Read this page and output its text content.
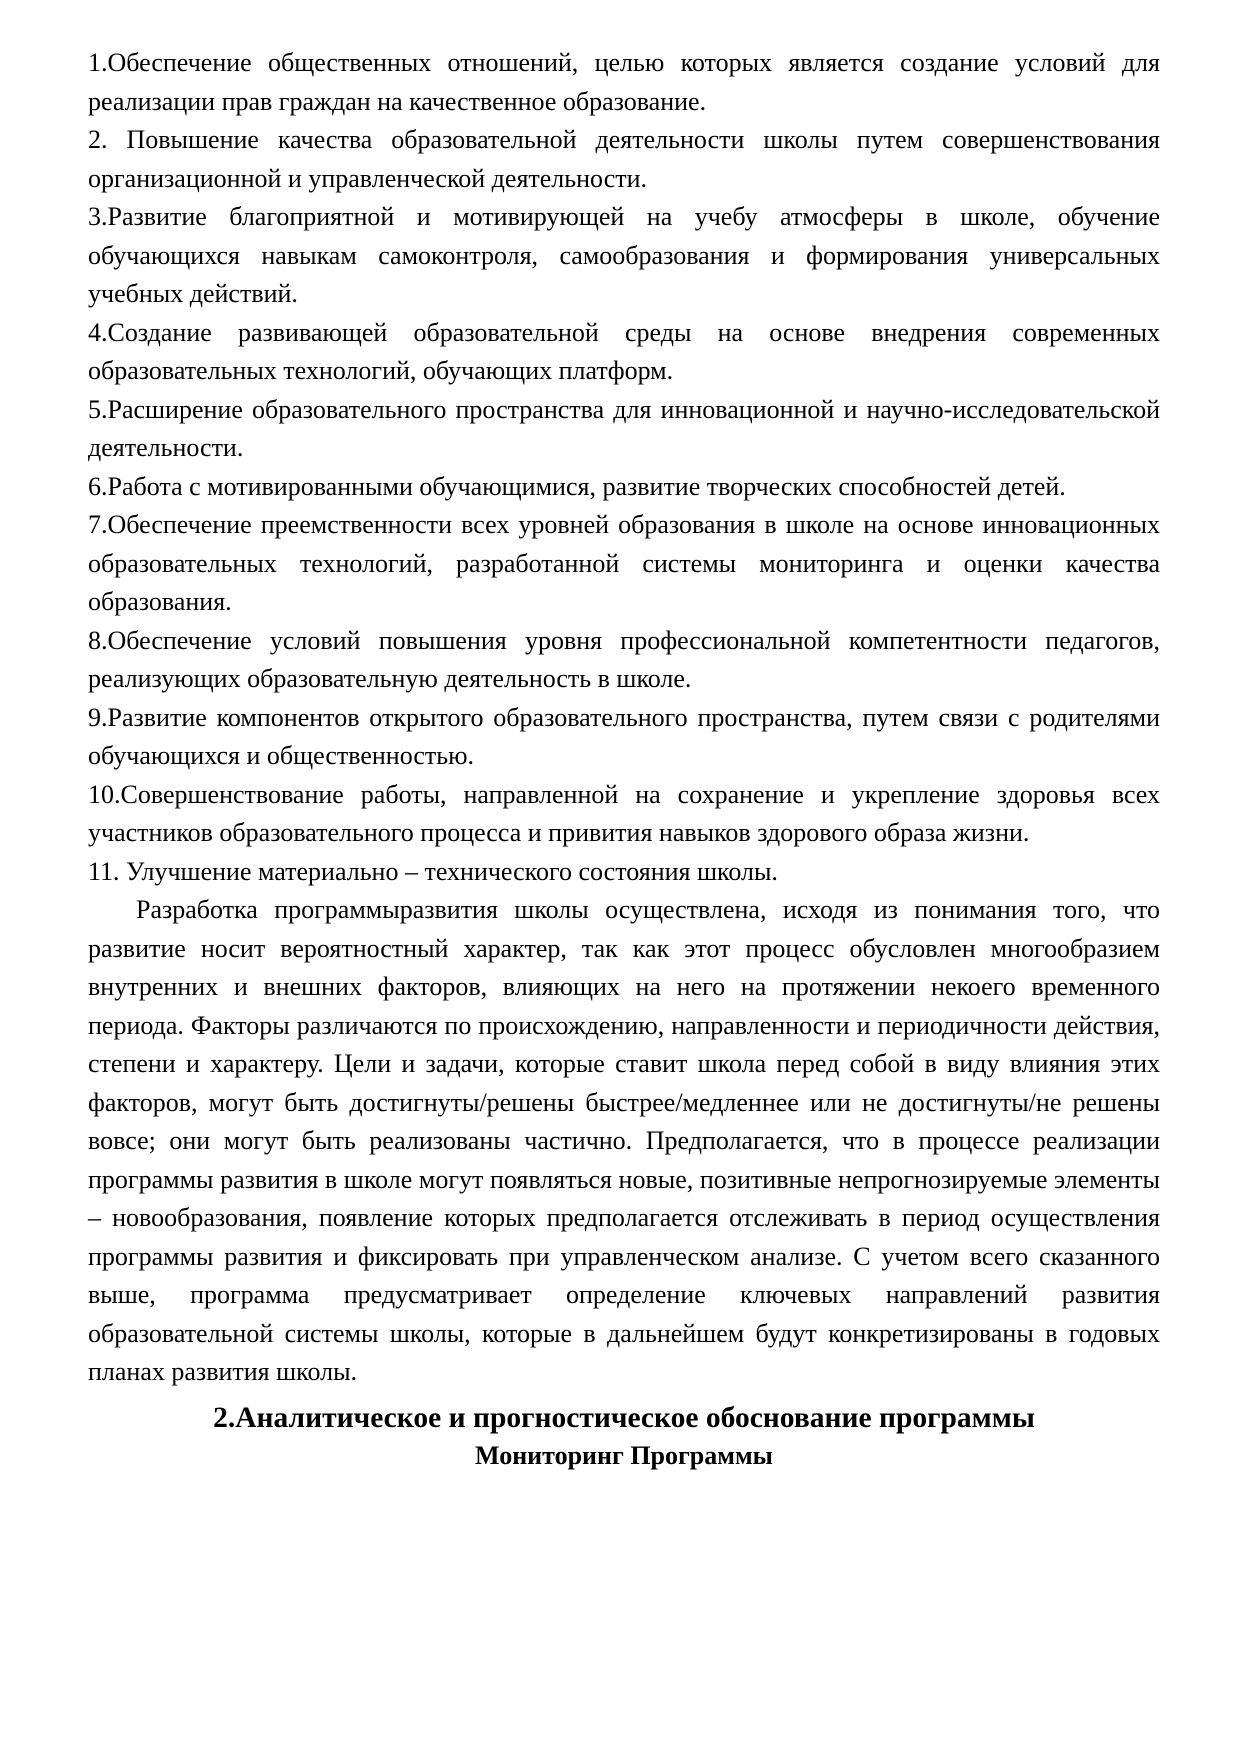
1.Обеспечение общественных отношений, целью которых является создание условий для реализации прав граждан на качественное образование.

2. Повышение качества образовательной деятельности школы путем совершенствования организационной и управленческой деятельности.

3.Развитие благоприятной и мотивирующей на учебу атмосферы в школе, обучение обучающихся навыкам самоконтроля, самообразования и формирования универсальных учебных действий.

4.Создание развивающей образовательной среды на основе внедрения современных образовательных технологий, обучающих платформ.

5.Расширение образовательного пространства для инновационной и научно-исследовательской деятельности.

6.Работа с мотивированными обучающимися, развитие творческих способностей детей.

7.Обеспечение преемственности всех уровней образования в школе на основе инновационных образовательных технологий, разработанной системы мониторинга и оценки качества образования.

8.Обеспечение условий повышения уровня профессиональной компетентности педагогов, реализующих образовательную деятельность в школе.

9.Развитие компонентов открытого образовательного пространства, путем связи с родителями обучающихся и общественностью.

10.Совершенствование работы, направленной на сохранение и укрепление здоровья всех участников образовательного процесса и привития навыков здорового образа жизни.

11. Улучшение материально – технического состояния школы.

Разработка программыразвития школы осуществлена, исходя из понимания того, что развитие носит вероятностный характер, так как этот процесс обусловлен многообразием внутренних и внешних факторов, влияющих на него на протяжении некоего временного периода. Факторы различаются по происхождению, направленности и периодичности действия, степени и характеру. Цели и задачи, которые ставит школа перед собой в виду влияния этих факторов, могут быть достигнуты/решены быстрее/медленнее или не достигнуты/не решены вовсе; они могут быть реализованы частично. Предполагается, что в процессе реализации программы развития в школе могут появляться новые, позитивные непрогнозируемые элементы – новообразования, появление которых предполагается отслеживать в период осуществления программы развития и фиксировать при управленческом анализе. С учетом всего сказанного выше, программа предусматривает определение ключевых направлений развития образовательной системы школы, которые в дальнейшем будут конкретизированы в годовых планах развития школы.

2.Аналитическое и прогностическое обоснование программы
Мониторинг Программы
